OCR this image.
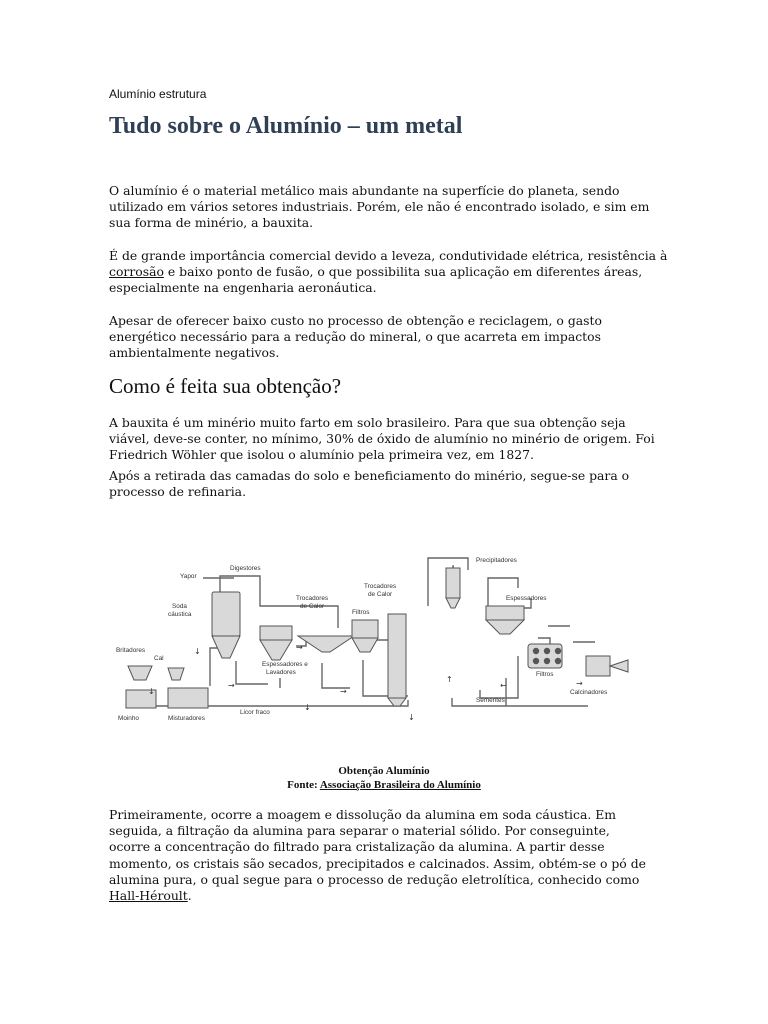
Alumínio estrutura
Tudo sobre o Alumínio – um metal

O alumínio é o material metálico mais abundante na superfície do planeta, sendo utilizado em vários setores industriais. Porém, ele não é encontrado isolado, e sim em sua forma de minério, a bauxita.

É de grande importância comercial devido a leveza, condutividade elétrica, resistência à corrosão e baixo ponto de fusão, o que possibilita sua aplicação em diferentes áreas, especialmente na engenharia aeronáutica.

Apesar de oferecer baixo custo no processo de obtenção e reciclagem, o gasto energético necessário para a redução do mineral, o que acarreta em impactos ambientalmente negativos.

Como é feita sua obtenção?

A bauxita é um minério muito farto em solo brasileiro. Para que sua obtenção seja viável, deve-se conter, no mínimo, 30% de óxido de alumínio no minério de origem. Foi Friedrich Wöhler que isolou o alumínio pela primeira vez, em 1827.

Após a retirada das camadas do solo e beneficiamento do minério, segue-se para o processo de refinaria.

↓
↓
→
→
→
↓
↓
↑
←	→
Yapor
Digestores
Soda
cáustica
Trocadores
de Calor
Trocadores
de Calor
Filtros
Precipitadores
Espessadores
Britadores
Cal
Espessadores e
Lavadores	Filtros
Moinho	Misturadores
Licor fraco
Sementes
Calcinadores

Obtenção Alumínio

Fonte: Associação Brasileira do Alumínio

Primeiramente, ocorre a moagem e dissolução da alumina em soda cáustica. Em seguida, a filtração da alumina para separar o material sólido. Por conseguinte, ocorre a concentração do filtrado para cristalização da alumina. A partir desse momento, os cristais são secados, precipitados e calcinados. Assim, obtém-se o pó de alumina pura, o qual segue para o processo de redução eletrolítica, conhecido como Hall-Héroult.
